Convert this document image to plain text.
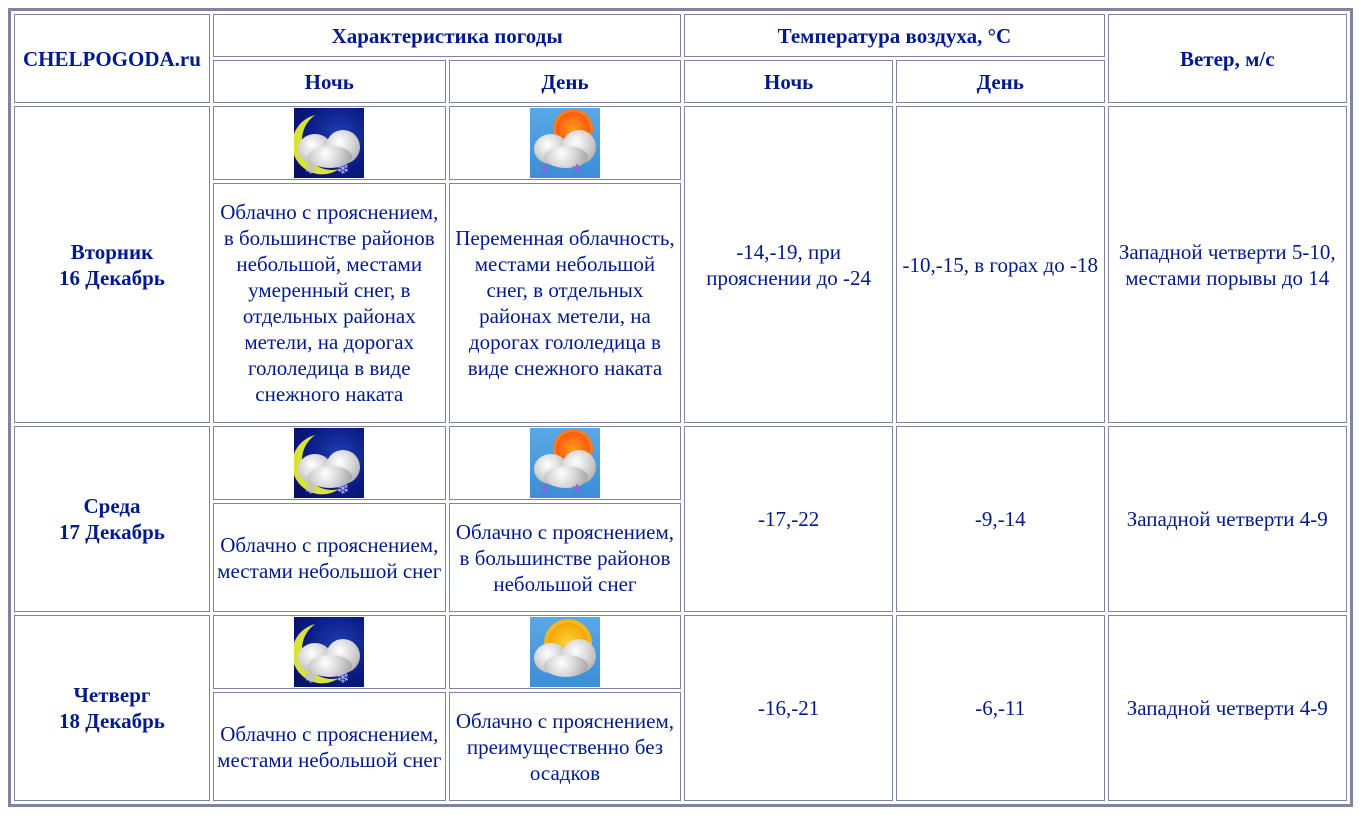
CHELPOGODA.ru	Характеристика погоды		Температура воздуха, °C		Ветер, м/с
	Ночь	День	Ночь	День	
Вторник
16 Декабрь	❄ ❄	✱ ✱	-14,-19, при прояснении до -24	-10,-15, в горах до -18	Западной четверти 5-10, местами порывы до 14
	Облачно с прояснением, в большинстве районов небольшой, местами умеренный снег, в отдельных районах метели, на дорогах гололедица в виде снежного наката	Переменная облачность, местами небольшой снег, в отдельных районах метели, на дорогах гололедица в виде снежного наката			
Среда
17 Декабрь	❄ ❄	✱ ✱	-17,-22	-9,-14	Западной четверти 4-9
	Облачно с прояснением, местами небольшой снег	Облачно с прояснением, в большинстве районов небольшой снег			
Четверг
18 Декабрь	❄ ❄		-16,-21	-6,-11	Западной четверти 4-9
	Облачно с прояснением, местами небольшой снег	Облачно с прояснением, преимущественно без осадков			
